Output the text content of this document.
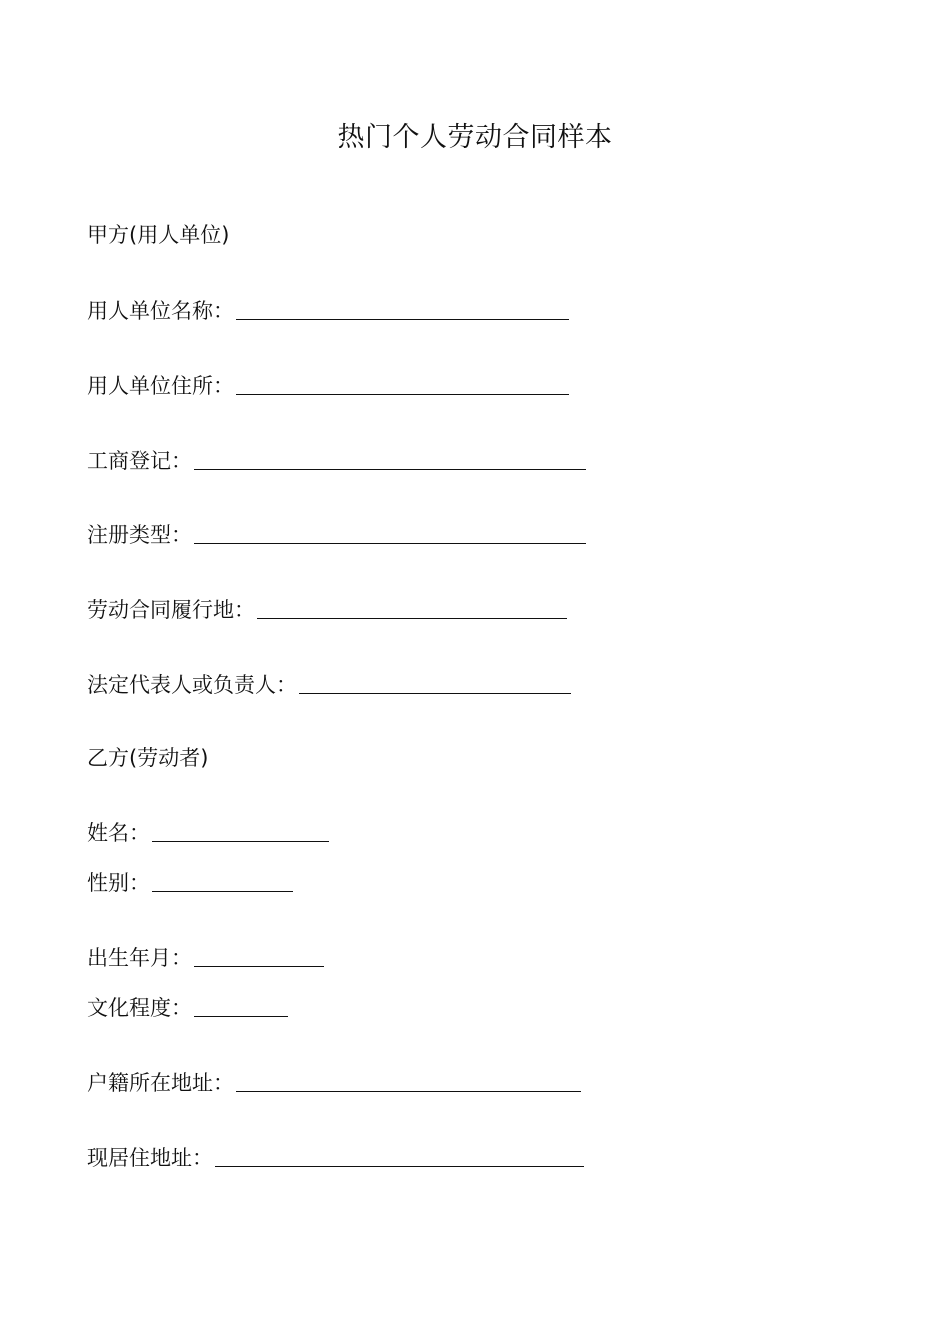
热门个人劳动合同样本
甲方(用人单位)
用人单位名称：
用人单位住所：
工商登记：
注册类型：
劳动合同履行地：
法定代表人或负责人：
乙方(劳动者)
姓名：
性别：
出生年月：
文化程度：
户籍所在地址：
现居住地址：
